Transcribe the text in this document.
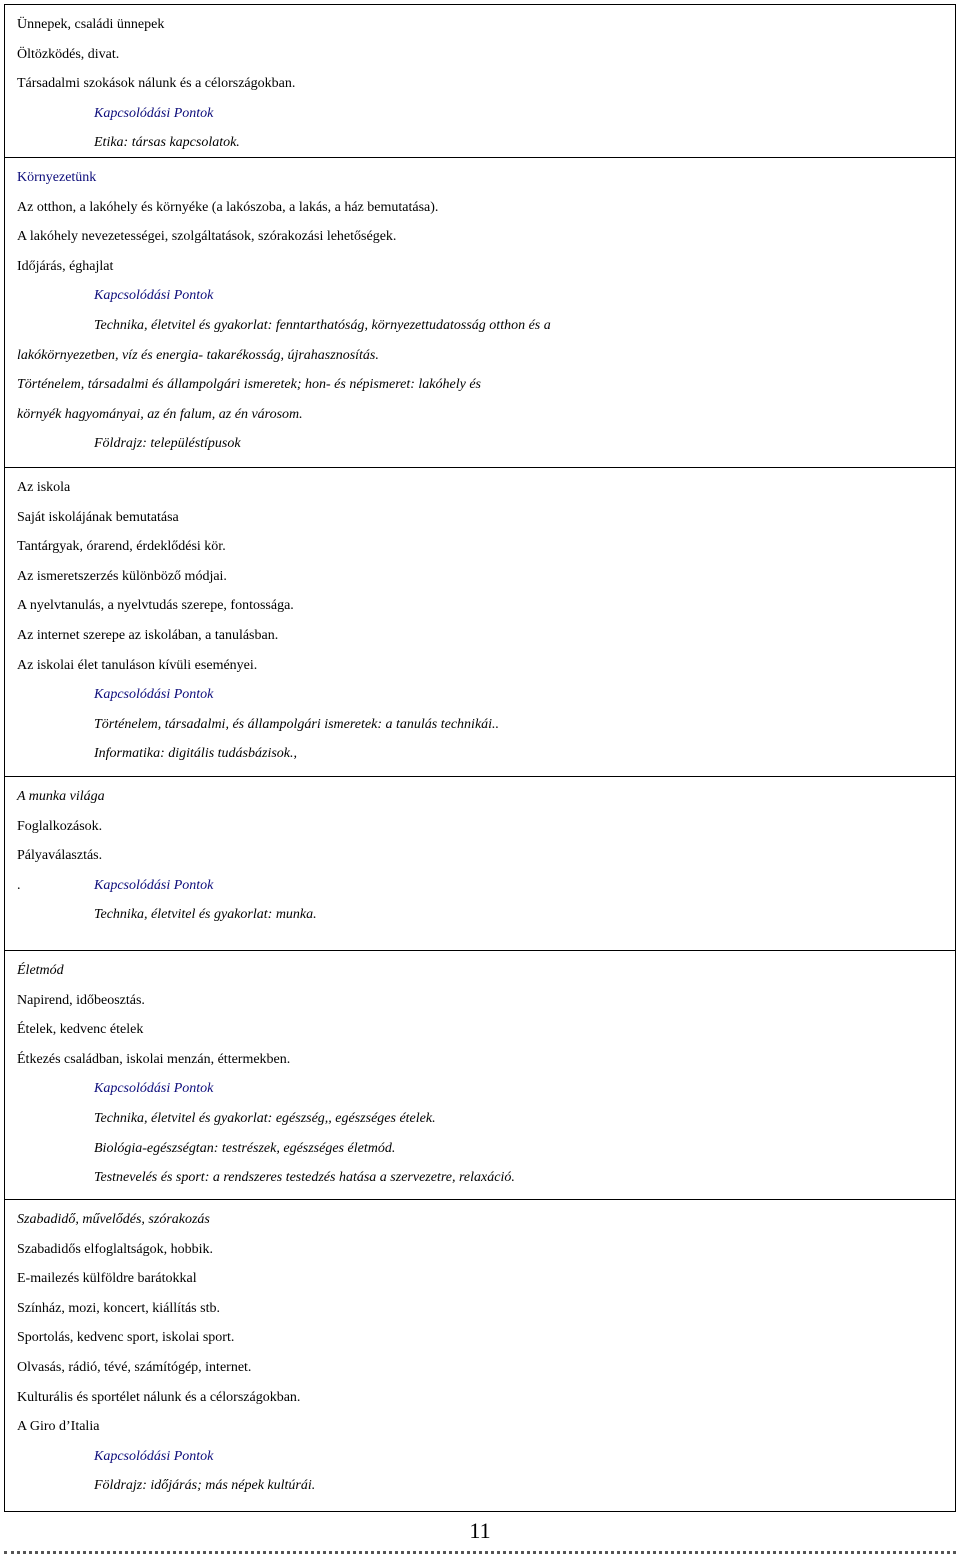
Ünnepek, családi ünnepek
Öltözködés, divat.
Társadalmi szokások nálunk és a célországokban.
Kapcsolódási Pontok
Etika: társas kapcsolatok.
Környezetünk
Az otthon, a lakóhely és környéke (a lakószoba, a lakás, a ház bemutatása).
A lakóhely nevezetességei, szolgáltatások, szórakozási lehetőségek.
Időjárás, éghajlat
Kapcsolódási Pontok
Technika, életvitel és gyakorlat: fenntarthatóság, környezettudatosság otthon és a
lakókörnyezetben, víz és energia- takarékosság, újrahasznosítás.
Történelem, társadalmi és állampolgári ismeretek; hon- és népismeret: lakóhely és
környék hagyományai, az én falum, az én városom.
Földrajz: településtípusok
Az iskola
Saját iskolájának bemutatása
Tantárgyak, órarend, érdeklődési kör.
Az ismeretszerzés különböző módjai.
A nyelvtanulás, a nyelvtudás szerepe, fontossága.
Az internet szerepe az iskolában, a tanulásban.
Az iskolai élet tanuláson kívüli eseményei.
Kapcsolódási Pontok
Történelem, társadalmi, és állampolgári ismeretek: a tanulás technikái..
Informatika: digitális tudásbázisok.,
A munka világa
Foglalkozások.
Pályaválasztás.
.	Kapcsolódási Pontok
Technika, életvitel és gyakorlat: munka.
Életmód
Napirend, időbeosztás.
Ételek, kedvenc ételek
Étkezés családban, iskolai menzán, éttermekben.
Kapcsolódási Pontok
Technika, életvitel és gyakorlat: egészség,, egészséges ételek.
Biológia-egészségtan: testrészek, egészséges életmód.
Testnevelés és sport: a rendszeres testedzés hatása a szervezetre, relaxáció.
Szabadidő, művelődés, szórakozás
Szabadidős elfoglaltságok, hobbik.
E-mailezés külföldre barátokkal
Színház, mozi, koncert, kiállítás stb.
Sportolás, kedvenc sport, iskolai sport.
Olvasás, rádió, tévé, számítógép, internet.
Kulturális és sportélet nálunk és a célországokban.
A Giro d’Italia
Kapcsolódási Pontok
Földrajz: időjárás; más népek kultúrái.
11
